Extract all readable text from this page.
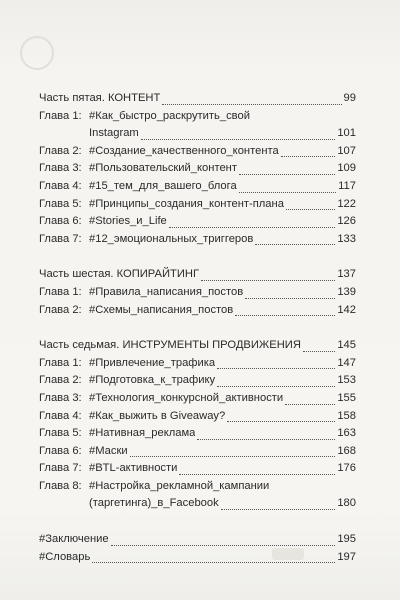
Часть пятая. КОНТЕНТ	99
Глава 1: #Как_быстро_раскрутить_свой
Instagram	101
Глава 2: #Создание_качественного_контента	107
Глава 3: #Пользовательский_контент	109
Глава 4: #15_тем_для_вашего_блога	117
Глава 5: #Принципы_создания_контент-плана	122
Глава 6: #Stories_и_Life	126
Глава 7: #12_эмоциональных_триггеров	133
Часть шестая. КОПИРАЙТИНГ	137
Глава 1: #Правила_написания_постов	139
Глава 2: #Схемы_написания_постов	142
Часть седьмая. ИНСТРУМЕНТЫ ПРОДВИЖЕНИЯ	145
Глава 1: #Привлечение_трафика	147
Глава 2: #Подготовка_к_трафику	153
Глава 3: #Технология_конкурсной_активности	155
Глава 4: #Как_выжить в Giveaway?	158
Глава 5: #Нативная_реклама	163
Глава 6: #Маски	168
Глава 7: #BTL-активности	176
Глава 8: #Настройка_рекламной_кампании
(таргетинга)_в_Facebook	180
#Заключение	195
#Словарь	197
